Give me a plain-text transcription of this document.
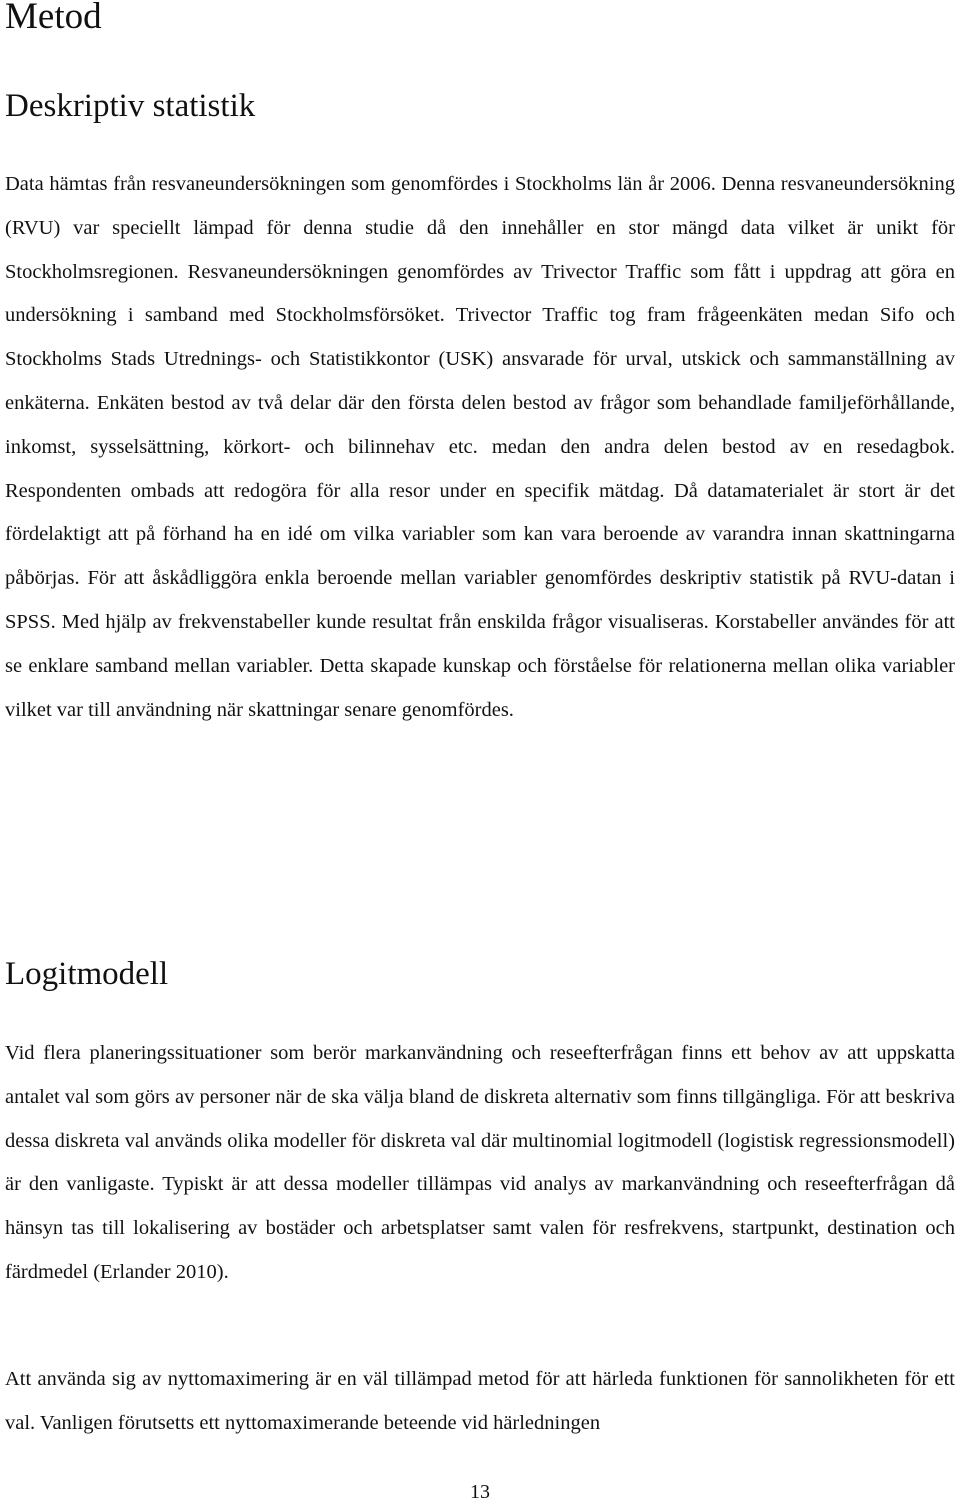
Metod
Deskriptiv statistik

Data hämtas från resvaneundersökningen som genomfördes i Stockholms län år 2006. Denna resvaneundersökning (RVU) var speciellt lämpad för denna studie då den innehåller en stor mängd data vilket är unikt för Stockholmsregionen. Resvaneundersökningen genomfördes av Trivector Traffic som fått i uppdrag att göra en undersökning i samband med Stockholmsförsöket. Trivector Traffic tog fram frågeenkäten medan Sifo och Stockholms Stads Utrednings- och Statistikkontor (USK) ansvarade för urval, utskick och sammanställning av enkäterna. Enkäten bestod av två delar där den första delen bestod av frågor som behandlade familjeförhållande, inkomst, sysselsättning, körkort- och bilinnehav etc. medan den andra delen bestod av en resedagbok. Respondenten ombads att redogöra för alla resor under en specifik mätdag. Då datamaterialet är stort är det fördelaktigt att på förhand ha en idé om vilka variabler som kan vara beroende av varandra innan skattningarna påbörjas. För att åskådliggöra enkla beroende mellan variabler genomfördes deskriptiv statistik på RVU-datan i SPSS. Med hjälp av frekvenstabeller kunde resultat från enskilda frågor visualiseras. Korstabeller användes för att se enklare samband mellan variabler. Detta skapade kunskap och förståelse för relationerna mellan olika variabler vilket var till användning när skattningar senare genomfördes.

Logitmodell

Vid flera planeringssituationer som berör markanvändning och reseefterfrågan finns ett behov av att uppskatta antalet val som görs av personer när de ska välja bland de diskreta alternativ som finns tillgängliga. För att beskriva dessa diskreta val används olika modeller för diskreta val där multinomial logitmodell (logistisk regressionsmodell) är den vanligaste. Typiskt är att dessa modeller tillämpas vid analys av markanvändning och reseefterfrågan då hänsyn tas till lokalisering av bostäder och arbetsplatser samt valen för resfrekvens, startpunkt, destination och färdmedel (Erlander 2010).

Att använda sig av nyttomaximering är en väl tillämpad metod för att härleda funktionen för sannolikheten för ett val. Vanligen förutsetts ett nyttomaximerande beteende vid härledningen

13
